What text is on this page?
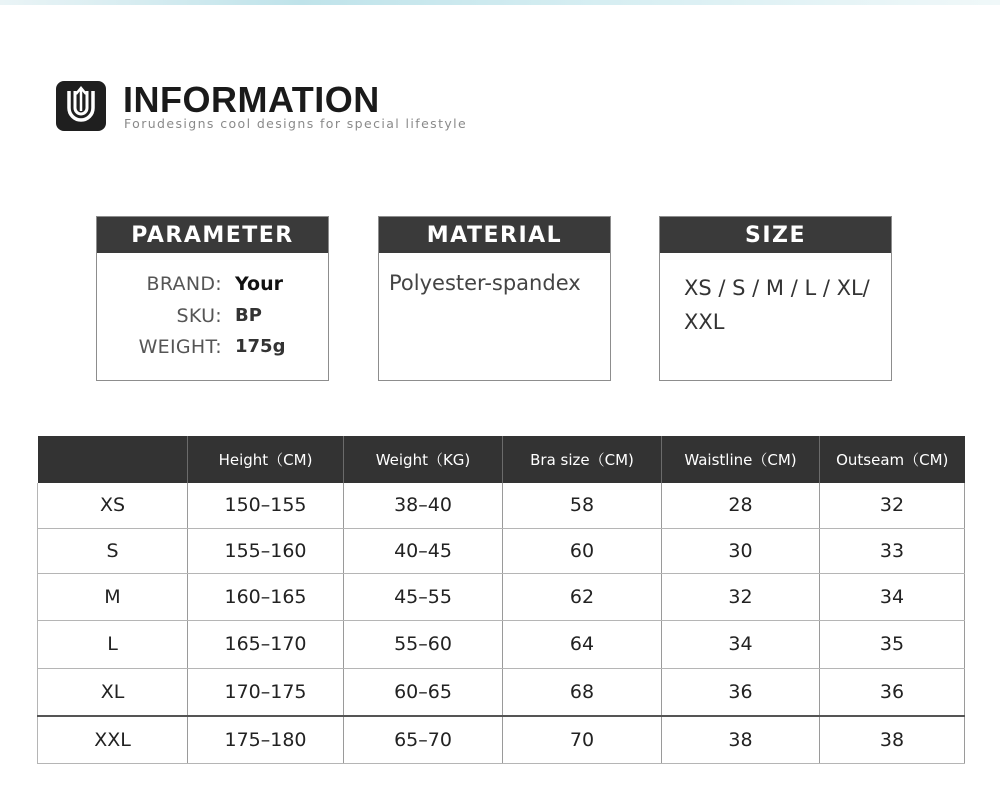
INFORMATION
Forudesigns cool designs for special lifestyle
PARAMETER
BRAND: Your
SKU: BP
WEIGHT: 175g
MATERIAL
Polyester-spandex
SIZE
XS / S / M / L / XL/ XXL
	Height（CM)	Weight（KG)	Bra size（CM)	Waistline（CM)	Outseam（CM)
XS	150–155	38–40	58	28	32
S	155–160	40–45	60	30	33
M	160–165	45–55	62	32	34
L	165–170	55–60	64	34	35
XL	170–175	60–65	68	36	36
XXL	175–180	65–70	70	38	38
